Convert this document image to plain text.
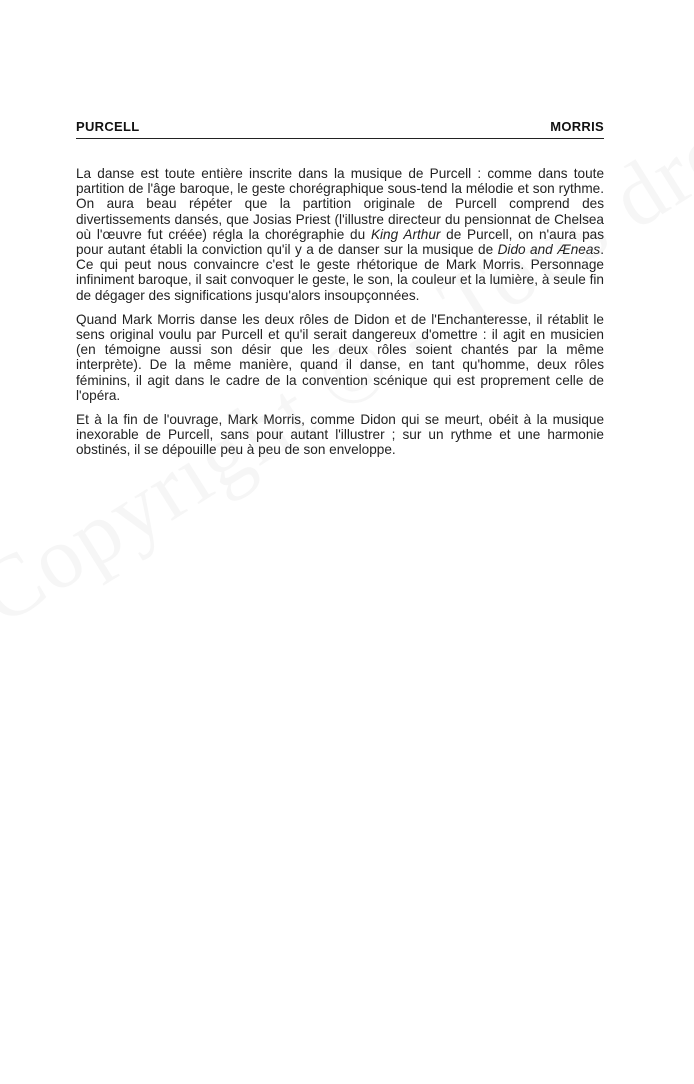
PURCELL	MORRIS

La danse est toute entière inscrite dans la musique de Purcell : comme dans toute partition de l'âge baroque, le geste chorégraphique sous-tend la mélodie et son rythme. On aura beau répéter que la partition originale de Purcell comprend des divertissements dansés, que Josias Priest (l'illustre directeur du pensionnat de Chelsea où l'œuvre fut créée) régla la chorégraphie du King Arthur de Purcell, on n'aura pas pour autant établi la conviction qu'il y a de danser sur la musique de Dido and Æneas. Ce qui peut nous convaincre c'est le geste rhétorique de Mark Morris. Personnage infiniment baroque, il sait convoquer le geste, le son, la couleur et la lumière, à seule fin de dégager des significations jusqu'alors insoupçonnées.

Quand Mark Morris danse les deux rôles de Didon et de l'Enchanteresse, il rétablit le sens original voulu par Purcell et qu'il serait dangereux d'omettre : il agit en musicien (en témoigne aussi son désir que les deux rôles soient chantés par la même interprète). De la même manière, quand il danse, en tant qu'homme, deux rôles féminins, il agit dans le cadre de la convention scénique qui est proprement celle de l'opéra.

Et à la fin de l'ouvrage, Mark Morris, comme Didon qui se meurt, obéit à la musique inexorable de Purcell, sans pour autant l'illustrer ; sur un rythme et une harmonie obstinés, il se dépouille peu à peu de son enveloppe.
